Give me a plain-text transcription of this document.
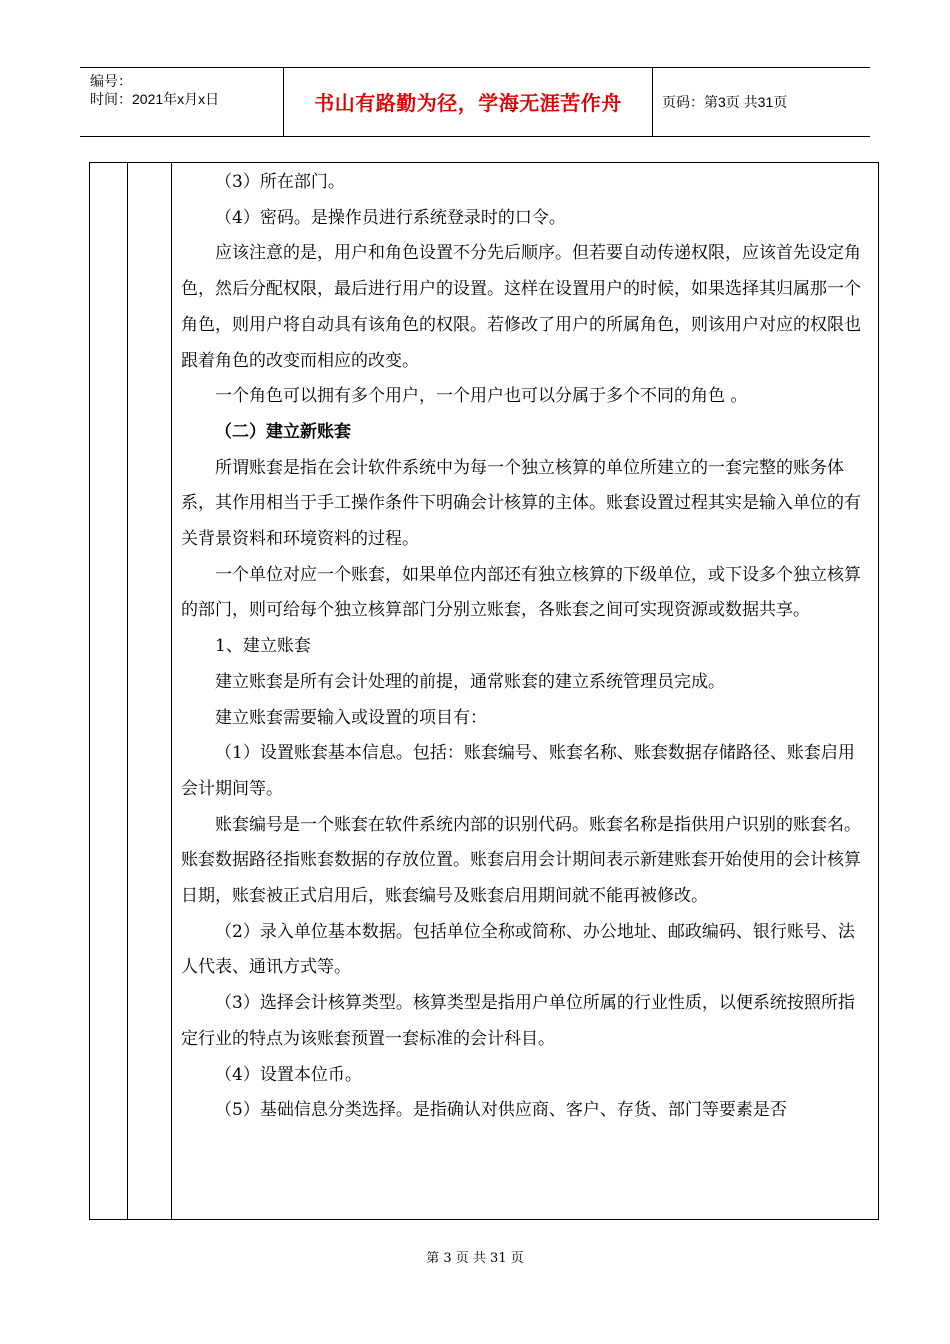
编号：
时间：2021年x月x日	书山有路勤为径，学海无涯苦作舟	页码：第3页 共31页

（3）所在部门。

（4）密码。是操作员进行系统登录时的口令。

应该注意的是，用户和角色设置不分先后顺序。但若要自动传递权限，应该首先设定角色，然后分配权限，最后进行用户的设置。这样在设置用户的时候，如果选择其归属那一个角色，则用户将自动具有该角色的权限。若修改了用户的所属角色，则该用户对应的权限也跟着角色的改变而相应的改变。

一个角色可以拥有多个用户，一个用户也可以分属于多个不同的角色 。

（二）建立新账套

所谓账套是指在会计软件系统中为每一个独立核算的单位所建立的一套完整的账务体系，其作用相当于手工操作条件下明确会计核算的主体。账套设置过程其实是输入单位的有关背景资料和环境资料的过程。

一个单位对应一个账套，如果单位内部还有独立核算的下级单位，或下设多个独立核算的部门，则可给每个独立核算部门分别立账套，各账套之间可实现资源或数据共享。

1、建立账套

建立账套是所有会计处理的前提，通常账套的建立系统管理员完成。

建立账套需要输入或设置的项目有：

（1）设置账套基本信息。包括：账套编号、账套名称、账套数据存储路径、账套启用会计期间等。

账套编号是一个账套在软件系统内部的识别代码。账套名称是指供用户识别的账套名。账套数据路径指账套数据的存放位置。账套启用会计期间表示新建账套开始使用的会计核算日期，账套被正式启用后，账套编号及账套启用期间就不能再被修改。

（2）录入单位基本数据。包括单位全称或简称、办公地址、邮政编码、银行账号、法人代表、通讯方式等。

（3）选择会计核算类型。核算类型是指用户单位所属的行业性质，以便系统按照所指定行业的特点为该账套预置一套标准的会计科目。

（4）设置本位币。

（5）基础信息分类选择。是指确认对供应商、客户、存货、部门等要素是否

第 3 页 共 31 页
